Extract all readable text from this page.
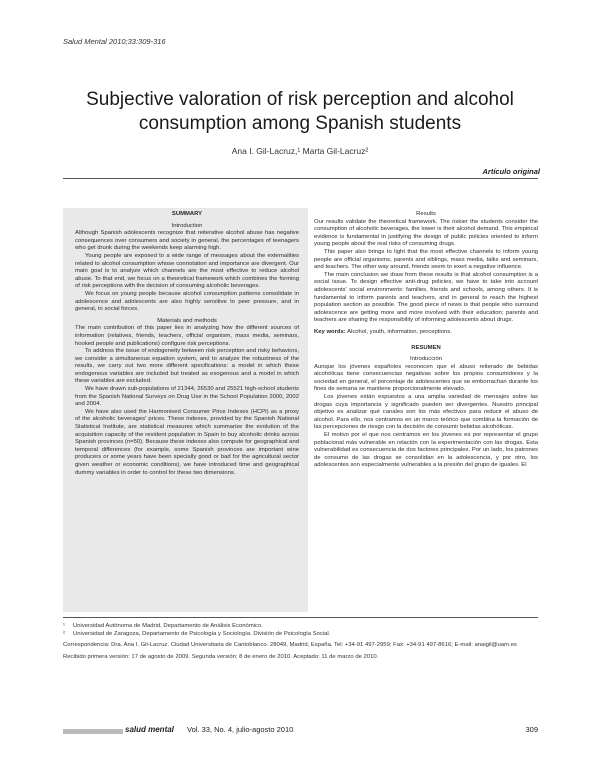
Salud Mental 2010;33:309-316
Subjective valoration of risk perception and alcohol
consumption among Spanish students
Ana I. Gil-Lacruz,¹ Marta Gil-Lacruz²
Artículo original

SUMMARY

Introduction

Although Spanish adolescents recognize that reiterative alcohol abuse has negative consequences over consumers and society in general, the percentages of teenagers who get drunk during the weekends keep alarming high.

Young people are exposed to a wide range of messages about the externalities related to alcohol consumption whose connotation and importance are divergent. Our main goal is to analyze which channels are the most effective to reduce alcohol abuse. To that end, we focus on a theoretical framework which combines the forming of risk perceptions with the decision of consuming alcoholic beverages.

We focus on young people because alcohol consumption patterns consolidate in adolescence and adolescents are also highly sensitive to peer pressure, and in general, to social forces.

Materials and methods

The main contribution of this paper lies in analyzing how the different sources of information (relatives, friends, teachers, official organism, mass media, seminars, hooked people and publications) configure risk perceptions.

To address the issue of endogeneity between risk perception and risky behaviors, we consider a simultaneous equation system, and to analyze the robustness of the results, we carry out two more different specifications: a model in which these endogenous variables are included but treated as exogenous and a model in which these variables are excluded.

We have drawn sub-populations of 21344, 26530 and 25521 high-school students from the Spanish National Surveys on Drug Use in the School Population 2000, 2002 and 2004.

We have also used the Harmonised Consumer Price Indexes (HCPI) as a proxy of the alcoholic beverages' prices. These indexes, provided by the Spanish National Statistical Institute, are statistical measures which summarize the evolution of the acquisition capacity of the resident population in Spain to buy alcoholic drinks across Spanish provinces (n=50). Because these indexes also compute for geographical and temporal differences (for example, some Spanish provinces are important wine producers or some years have been specially good or bad for the agricultural sector given weather or economic conditions), we have introduced time and geographical dummy variables in order to control for these two dimensions.

Results

Our results validate the theoretical framework. The riskier the students consider the consumption of alcoholic beverages, the lower is their alcohol demand. This empirical evidence is fundamental in justifying the design of public policies oriented to inform young people about the real risks of consuming drugs.

This paper also brings to light that the most effective channels to inform young people are official organisms, parents and siblings, mass media, talks and seminars, and teachers. The other way around, friends seem to exert a negative influence.

The main conclusion we draw from these results is that alcohol consumption is a social issue. To design effective anti-drug policies, we have to take into account adolescents' social environments: families, friends and schools, among others. It is fundamental to inform parents and teachers, and in general to reach the highest population section as possible. The good piece of news is that people who surround adolescence are getting more and more involved with their education; parents and teachers are sharing the responsibility of informing adolescents about drugs.

Key words: Alcohol, youth, information, perceptions.

RESUMEN

Introducción

Aunque los jóvenes españoles reconocen que el abuso reiterado de bebidas alcohólicas tiene consecuencias negativas sobre los propios consumidores y la sociedad en general, el porcentaje de adolescentes que se emborrachan durante los fines de semana se mantiene proporcionalmente elevado.

Los jóvenes están expuestos a una amplia variedad de mensajes sobre las drogas cuya importancia y significado pueden ser divergentes. Nuestro principal objetivo es analizar qué canales son los más efectivos para reducir el abuso de alcohol. Para ello, nos centramos en un marco teórico que combina la formación de las percepciones de riesgo con la decisión de consumir bebidas alcohólicas.

El motivo por el que nos centramos en los jóvenes es por representar el grupo poblacional más vulnerable en relación con la experimentación con las drogas. Esta vulnerabilidad es consecuencia de dos factores principales. Por un lado, los patrones de consumo de las drogas se consolidan en la adolescencia, y por otro, los adolescentes son especialmente vulnerables a la presión del grupo de iguales. El

¹	Universidad Autónoma de Madrid, Departamento de Análisis Económico.

²	Universidad de Zaragoza, Departamento de Psicología y Sociología. División de Psicología Social.

Correspondencia: Dra. Ana I. Gil-Lacruz. Ciudad Universitaria de Cantoblanco. 28049, Madrid, España. Tel: +34-91 497-2959; Fax: +34-91 497-8616; E-mail: anaigil@uam.es

Recibido primera versión: 17 de agosto de 2009. Segunda versión: 8 de enero de 2010. Aceptado: 11 de marzo de 2010.

salud mental Vol. 33, No. 4, julio-agosto 2010	309
